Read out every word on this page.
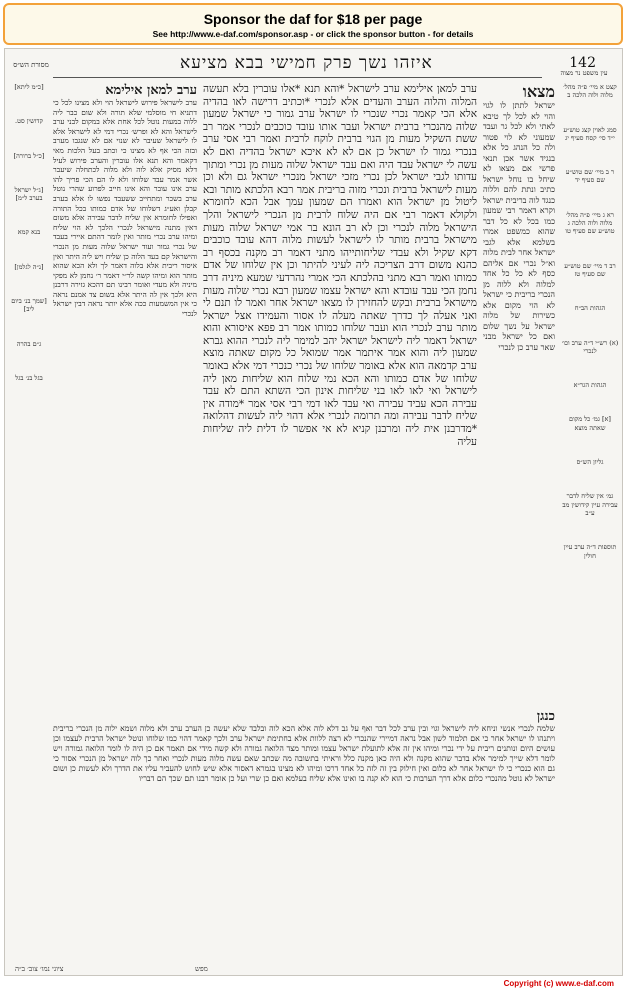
Sponsor the daf for $18 per page
See http://www.e-daf.com/sponsor.asp - or click the sponsor button - for details
142
איזהו נשך פרק חמישי בבא מציעא	עין משפט נר מצוה
מסורת הש״ס
קצט א מיי׳ פ״ה מהל׳ מלוה ולוה הלכה ב
סמג לאוין קצג טוש״ע י״ד סי׳ קסח סעיף יג
ר ב מיי׳ שם טוש״ע שם סעיף יד
רא ג מיי׳ פ״ה מהל׳ מלוה ולוה הלכה ג טוש״ע שם סעיף טו
רב ד מיי׳ שם טוש״ע שם סעיף טז
הגהות הב״ח
(א) רש״י ד״ה ערב וכו׳ לנכרי
הגהות הגר״א
[א] גמ׳ כל מקום שאתה מוצא
גליון הש״ס
גמ׳ אין שליח לדבר עבירה עיין קידושין מב ע״ב
תוספות ד״ה ערב עיין חולין
מצאו
ישראל לתתן לו לגוי והוי לא לכל לך טיבא לאתי ולא לכל גר ועבד שמעוני לא לוי פטור ולה כל הנהג כל אלא בנגיד אשר אכן תנאי פרשי אם מצאו לא שיחל בו נוחל ישראל כתיב ונתת להם וללוה כנגד לוה בריבית ישראל וקרא דאמר רבי שמעון כמו בכל לא כל דבר שהוא כמשפט אמרו בשלמא אלא לגבי ישראל אחר לבית מלוה וא״ל נכרי אם אליהם כסף לא כל כל אחד למלוה ולא ללוה מן הנכרי בריבית כי ישראל לא הוי מקום אלא כשירות של מלוה ישראל על נשך שלום ואם כל ישראל מבני שאר ערב כן לנכרי
ערב למאן אילימא ערב לישראל *והא תנא *אלו עוברין בלא תעשה המלוה והלוה הערב והעדים אלא לנכרי *וכתיב דרישה לאו בהדיה אלא הכי קאמר נכרי שנכרי לו ישראל ערב גמור כי ישראל שמעון שלוה מהנכרי ברבית ישראל ועבר אותו עובד כוכבים לנכרי אמר רב ששת השקיל מעות מן הגוי ברבית לוקח לרבית ואמר רבי אסי ערב בנכרי גמור לו ישראל כן אם לא לא איכא ישראל בהדיה ואם לא עשה לי ישראל עבד היה ואם עבד ישראל שלוה מעות מן נכרי ומתוך עדותו לגבי ישראל לכן נכרי מזכי ישראל מנכרי ישראל גם ולא וכן מעות לישראל ברבית ונכרי מזוה בריבית אמר רבא הלכתא מותר ובא ליטול מן ישראל הוא ואמרו הם שמעון עמך אבל הכא לחומרא ולקולא דאמר רבי אם היה שלוח לרבית מן הנכרי לישראל והלך הישראל מלוה לנכרי וכן לא רב הונא בר אמי ישראל שלוה מעות מישראל ברבית מותר לו לישראל לעשות מלוה דהא עובד כוכבים דקא שקיל ולא עבדי שליחותייהו מתני דאמר רב מקנה בכסף רב כהנא משום דרב הצריכה ליה לעיני להיתר וכן אין שלוחו של אדם כמותו ואמר רבא מתני בהלכתא הכי אמרי נהרדעי שמעא מיניה דרב נחמן הכי עבד עובדא והא ישראל עצמו שמעון רבא נכרי שלוה מעות מישראל ברבית ובקש להחזירן לו מצאו ישראל אחר ואמר לו תנם לי ואני אעלה לך כדרך שאתה מעלה לו אסור והעמידו אצל ישראל מותר ערב לנכרי הוא ועבר שלוחו כמותו אמר רב פפא איסורא והוא ישראל דאמר ליה לישראל ישראל יהב למימר ליה לנכרי ההוא גברא שמעון ליה והוא אמר איתמר אמר שמואל כל מקום שאתה מוצא ערב קדמאה הוא אלא באומר שלוחו של נכרי כנכרי דמי אלא באומר שלוחו של אדם כמותו והא הכא נמי שלוח הוא שליחות מאן ליה לישראל ואי לאו לאו בני שליחות אינון הכי השתא התם לא עבד עבירה הכא עביד עבירה ואי עבד לאו דמי רבי אסי אמר *מודה אין שליח לדבר עבירה ומה תרומה לנכרי אלא דהוי ליה לעשות דהלואה *מדרבנן אית ליה ומרבנן קניא לא אי אפשר לו דלית ליה שליחות עליה
ערב למאן אילימא
ערב לישראל פירוש לישראל הוי ולא מצינו לכל כי דתניא חי מוסלמי שלא תורה ולא שום כבר ליה ללוה במעות נוטל לכל אחת אלא במקום לבני ערב לישראל והא לא ופרש׳ נכרי דמי לא לישראל אלא לו לישראל שעיבר לא שנוי אם לא שנגבו מערב ובזה הכי אף לא מצינו כי וכתב בעל הלכות מאי דקאמר והא תנא אלו עוברין והערב פירוש לעיל דלא מסיק אלא לוה ולא מלוה לכתחלה שיעבר אשר אמר עבד שלוחו ולא לו הם הכי פריך להו ערב אינו עובר והא אינו חייב לפרוע שהרי נוטל ערב בשכר ומתחייב ששעבד נפשו לו אלא בערב קבלן ואע״ג דשלוחו של אדם כמותו בכל התורה ואפילו לחומרא אין שליח לדבר עבירה אלא משום דאין מתנה מישראל לנכרי הלכך לא הוי שליח ומיהו ערב נכרי מותר ואין לומר דהתם איירי בעבד של נכרי גמור ועוד ישראל שלוה מעות מן הנכרי והישראל קם בעד הלוה כן שליח ויש ליה היתר ואין איסור ריבית אלא בלוה דאמר לך ולא הכא שהוא מותר הוא ומיהו קשה לר״י דאמר ר׳ נחמן לא מפקי מיניה ולא מעדי ואומר רבינו תם דהכא גזירה דרבנן היא ולכך אין לה היתר אלא בשום צד אמנם נראה כי אין המשמעות ככה אלא יותר נראה דבין ישראל לנכרי
כנגן
שלמה לנכרי אנשי וניחא ליה לישראל וגוי ובין ערב לכל דבר ואף על גב דלא לוה אלא הכא לוה ובלבד שלא יעשה כן הערב ערב ולא מלוה ושמא ילוה מן הנכרי בריבית ויתנהו לו ישראל אחר כי אם תלמוד לשון אבל נראה דמיירי שהנכרי לא רצה ללוות אלא בחתימת ישראל ערב ולכך קאמר דהוי כמו שלוחו ונוטל ישראל הרבית לעצמו וכן עושים היום ונותנים ריבית על ידי נכרי ומיהו אין זה אלא לתועלת ישראל עצמו ומותר מצד הלואה גמורה ולא קשה מידי אם תאמר אם כן היה לו לומר הלואה גמורה ויש לומר דלא שייך למימר אלא בדבר שהוא מקנה ולא היה כאן מקנה כלל וראיתי בתשובה מה שכתב שאם עשה מלוה מעות לנכרי ואחר כך לוה ישראל מן הנכרי אסור כי גם הוא כנכרי כי לו ישראל אחר לא כלום ואין חילוק בין זה לזה כל אחד דרכו ומיהו לא מצינו בגמרא דאסור אלא שיש לחוש להעביר עליו את הדרך ולא לעשות כן ושום ישראל לא נוטל מהנכרי כלום אלא דרך הערבות כי הוא לא קנה בו ואינו אלא שליח בעלמא ואם כן שרי ועל כן אומר רבנו תם שכך הם דבריו
[כ״מ ליתא]
קדושין סט.
[כ״ל ברורה]
[ג״ל ישראל בערב ל״מ]
בנא קמא
[נ״ה לגלמן]
[שמך בנ׳ ביום ליב]
ג״ם בהרה
בגל בנ׳ בגל
ציוני נמו׳ צוב׳ ב״ה	מפש
Copyright (c) www.e-daf.com
